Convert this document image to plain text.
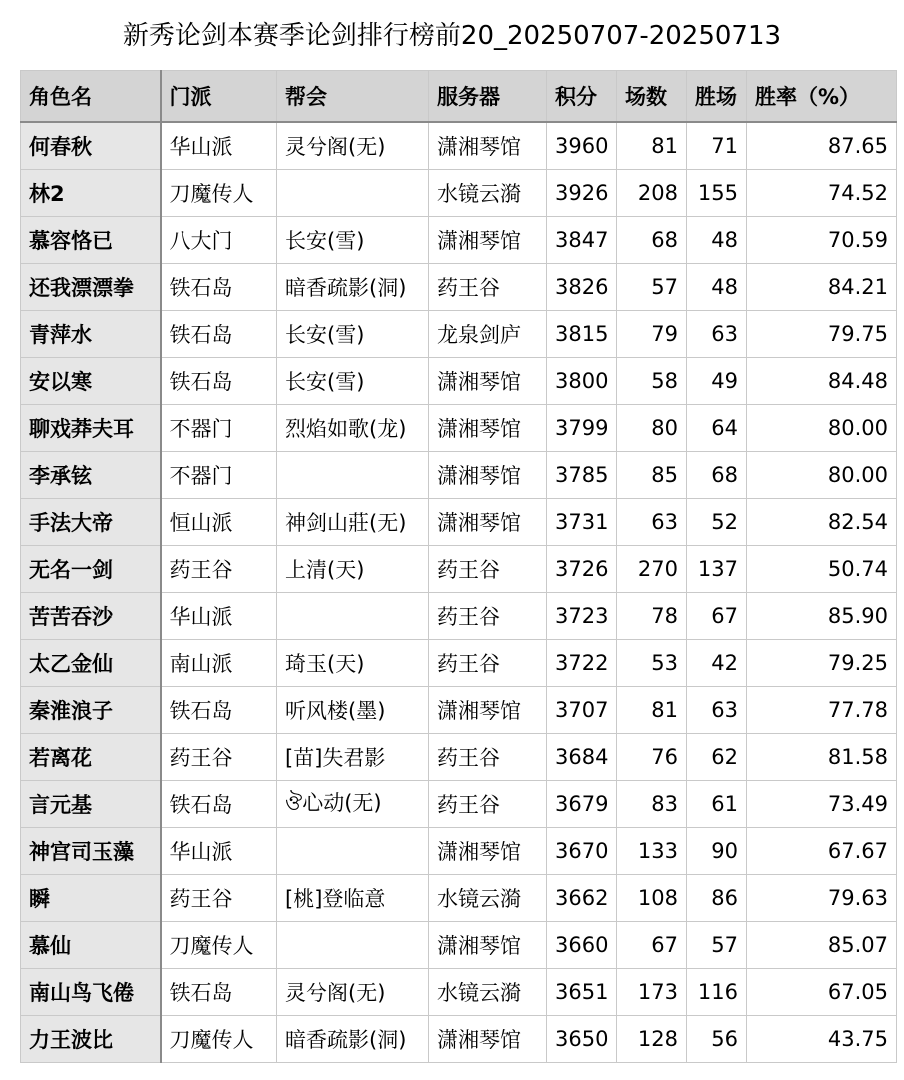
新秀论剑本赛季论剑排行榜前20_20250707-20250713
角色名	门派	帮会	服务器	积分	场数	胜场	胜率（%）
何春秋	华山派	灵兮阁(无)	潇湘琴馆	3960	81	71	87.65
林2	刀魔传人		水镜云漪	3926	208	155	74.52
慕容恪已	八大门	长安(雪)	潇湘琴馆	3847	68	48	70.59
还我漂漂拳	铁石岛	暗香疏影(洞)	药王谷	3826	57	48	84.21
青萍水	铁石岛	长安(雪)	龙泉剑庐	3815	79	63	79.75
安以寒	铁石岛	长安(雪)	潇湘琴馆	3800	58	49	84.48
聊戏莽夫耳	不器门	烈焰如歌(龙)	潇湘琴馆	3799	80	64	80.00
李承铉	不器门		潇湘琴馆	3785	85	68	80.00
手法大帝	恒山派	神剑山莊(无)	潇湘琴馆	3731	63	52	82.54
无名一剑	药王谷	上清(天)	药王谷	3726	270	137	50.74
苦苦吞沙	华山派		药王谷	3723	78	67	85.90
太乙金仙	南山派	琦玉(天)	药王谷	3722	53	42	79.25
秦淮浪子	铁石岛	听风楼(墨)	潇湘琴馆	3707	81	63	77.78
若离花	药王谷	[苗]失君影	药王谷	3684	76	62	81.58
言元基	铁石岛	ঔ心动(无)	药王谷	3679	83	61	73.49
神宫司玉藻	华山派		潇湘琴馆	3670	133	90	67.67
瞬	药王谷	[桃]登临意	水镜云漪	3662	108	86	79.63
慕仙	刀魔传人		潇湘琴馆	3660	67	57	85.07
南山鸟飞倦	铁石岛	灵兮阁(无)	水镜云漪	3651	173	116	67.05
力王波比	刀魔传人	暗香疏影(洞)	潇湘琴馆	3650	128	56	43.75
